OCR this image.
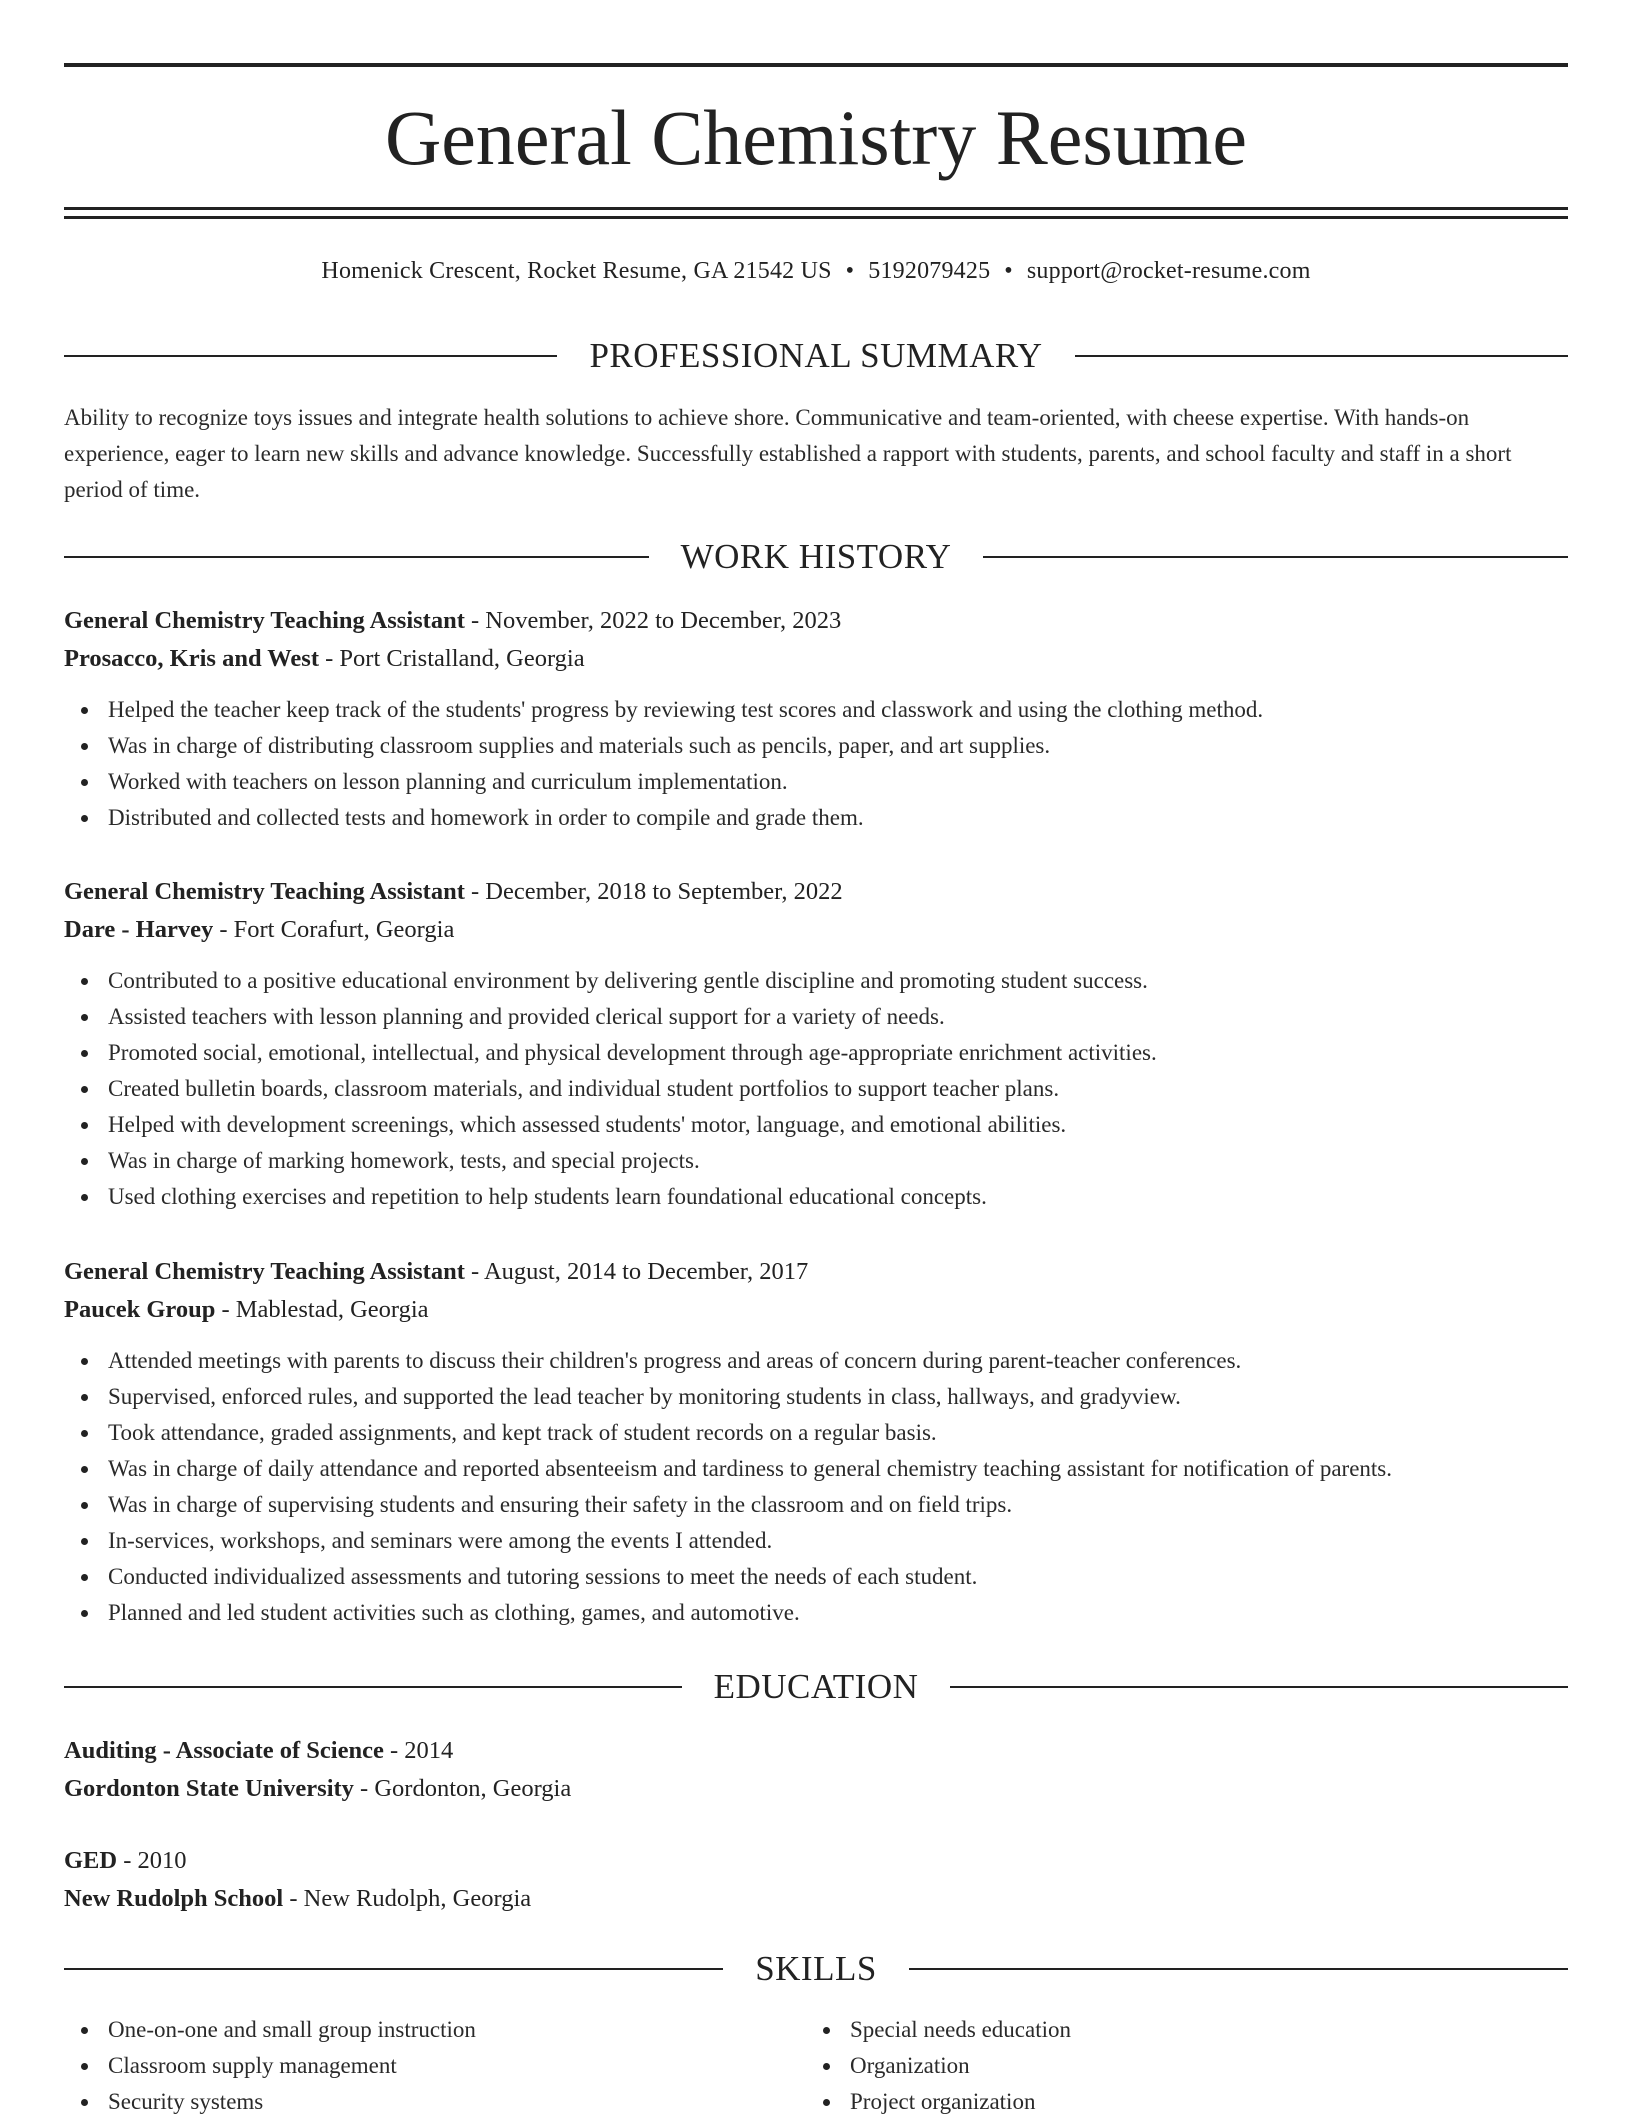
General Chemistry Resume
Homenick Crescent, Rocket Resume, GA 21542 US • 5192079425 • support@rocket-resume.com
PROFESSIONAL SUMMARY
Ability to recognize toys issues and integrate health solutions to achieve shore. Communicative and team-oriented, with cheese expertise. With hands-on experience, eager to learn new skills and advance knowledge. Successfully established a rapport with students, parents, and school faculty and staff in a short period of time.
WORK HISTORY
General Chemistry Teaching Assistant - November, 2022 to December, 2023
Prosacco, Kris and West - Port Cristalland, Georgia
Helped the teacher keep track of the students' progress by reviewing test scores and classwork and using the clothing method.
Was in charge of distributing classroom supplies and materials such as pencils, paper, and art supplies.
Worked with teachers on lesson planning and curriculum implementation.
Distributed and collected tests and homework in order to compile and grade them.
General Chemistry Teaching Assistant - December, 2018 to September, 2022
Dare - Harvey - Fort Corafurt, Georgia
Contributed to a positive educational environment by delivering gentle discipline and promoting student success.
Assisted teachers with lesson planning and provided clerical support for a variety of needs.
Promoted social, emotional, intellectual, and physical development through age-appropriate enrichment activities.
Created bulletin boards, classroom materials, and individual student portfolios to support teacher plans.
Helped with development screenings, which assessed students' motor, language, and emotional abilities.
Was in charge of marking homework, tests, and special projects.
Used clothing exercises and repetition to help students learn foundational educational concepts.
General Chemistry Teaching Assistant - August, 2014 to December, 2017
Paucek Group - Mablestad, Georgia
Attended meetings with parents to discuss their children's progress and areas of concern during parent-teacher conferences.
Supervised, enforced rules, and supported the lead teacher by monitoring students in class, hallways, and gradyview.
Took attendance, graded assignments, and kept track of student records on a regular basis.
Was in charge of daily attendance and reported absenteeism and tardiness to general chemistry teaching assistant for notification of parents.
Was in charge of supervising students and ensuring their safety in the classroom and on field trips.
In-services, workshops, and seminars were among the events I attended.
Conducted individualized assessments and tutoring sessions to meet the needs of each student.
Planned and led student activities such as clothing, games, and automotive.
EDUCATION
Auditing - Associate of Science - 2014
Gordonton State University - Gordonton, Georgia
GED - 2010
New Rudolph School - New Rudolph, Georgia
SKILLS
One-on-one and small group instruction
Classroom supply management
Security systems
Special needs education
Organization
Project organization
